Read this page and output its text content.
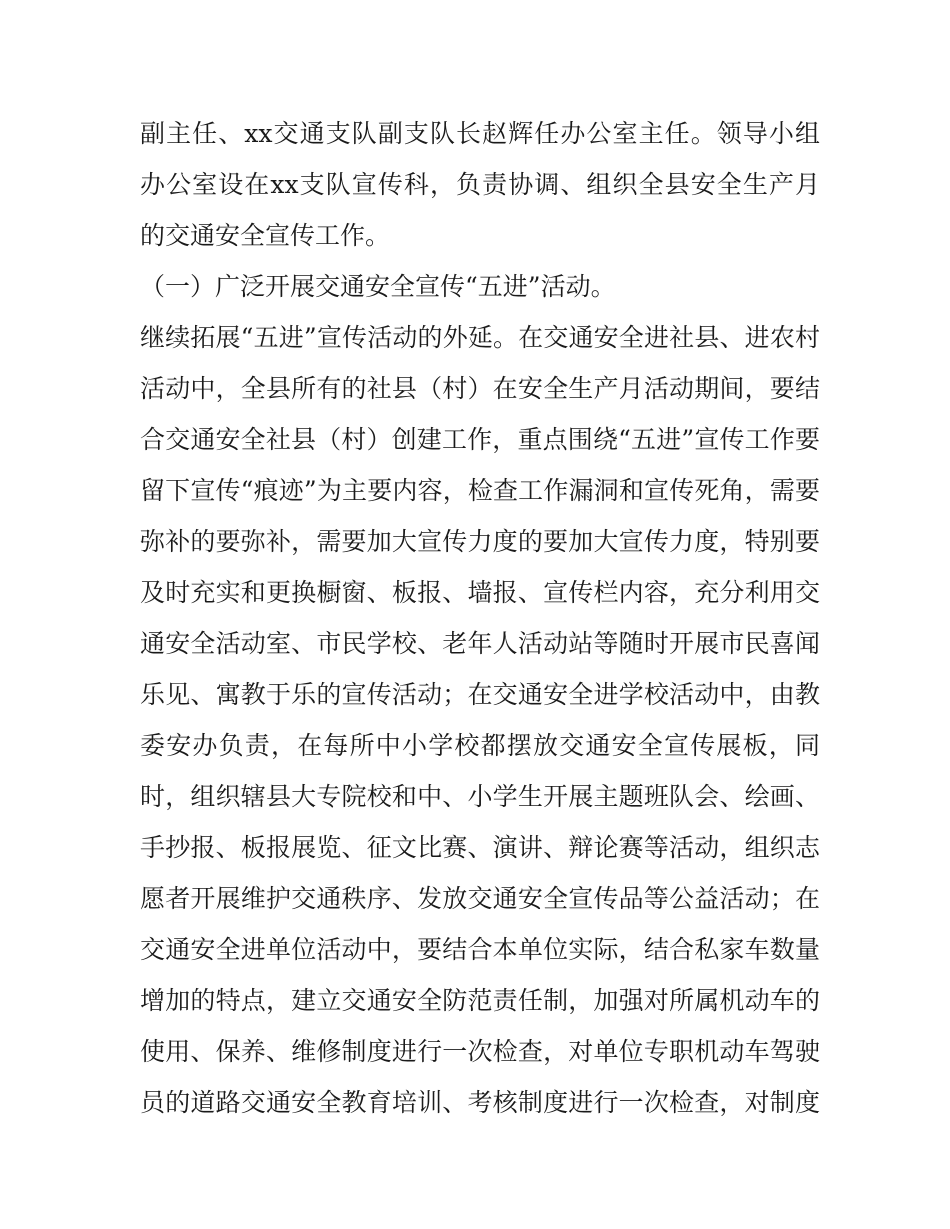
副主任、xx交通支队副支队长赵辉任办公室主任。领导小组
办公室设在xx支队宣传科，负责协调、组织全县安全生产月
的交通安全宣传工作。
（一）广泛开展交通安全宣传“五进”活动。
继续拓展“五进”宣传活动的外延。在交通安全进社县、进农村
活动中，全县所有的社县（村）在安全生产月活动期间，要结
合交通安全社县（村）创建工作，重点围绕“五进”宣传工作要
留下宣传“痕迹”为主要内容，检查工作漏洞和宣传死角，需要
弥补的要弥补，需要加大宣传力度的要加大宣传力度，特别要
及时充实和更换橱窗、板报、墙报、宣传栏内容，充分利用交
通安全活动室、市民学校、老年人活动站等随时开展市民喜闻
乐见、寓教于乐的宣传活动；在交通安全进学校活动中，由教
委安办负责，在每所中小学校都摆放交通安全宣传展板，同
时，组织辖县大专院校和中、小学生开展主题班队会、绘画、
手抄报、板报展览、征文比赛、演讲、辩论赛等活动，组织志
愿者开展维护交通秩序、发放交通安全宣传品等公益活动；在
交通安全进单位活动中，要结合本单位实际，结合私家车数量
增加的特点，建立交通安全防范责任制，加强对所属机动车的
使用、保养、维修制度进行一次检查，对单位专职机动车驾驶
员的道路交通安全教育培训、考核制度进行一次检查，对制度
